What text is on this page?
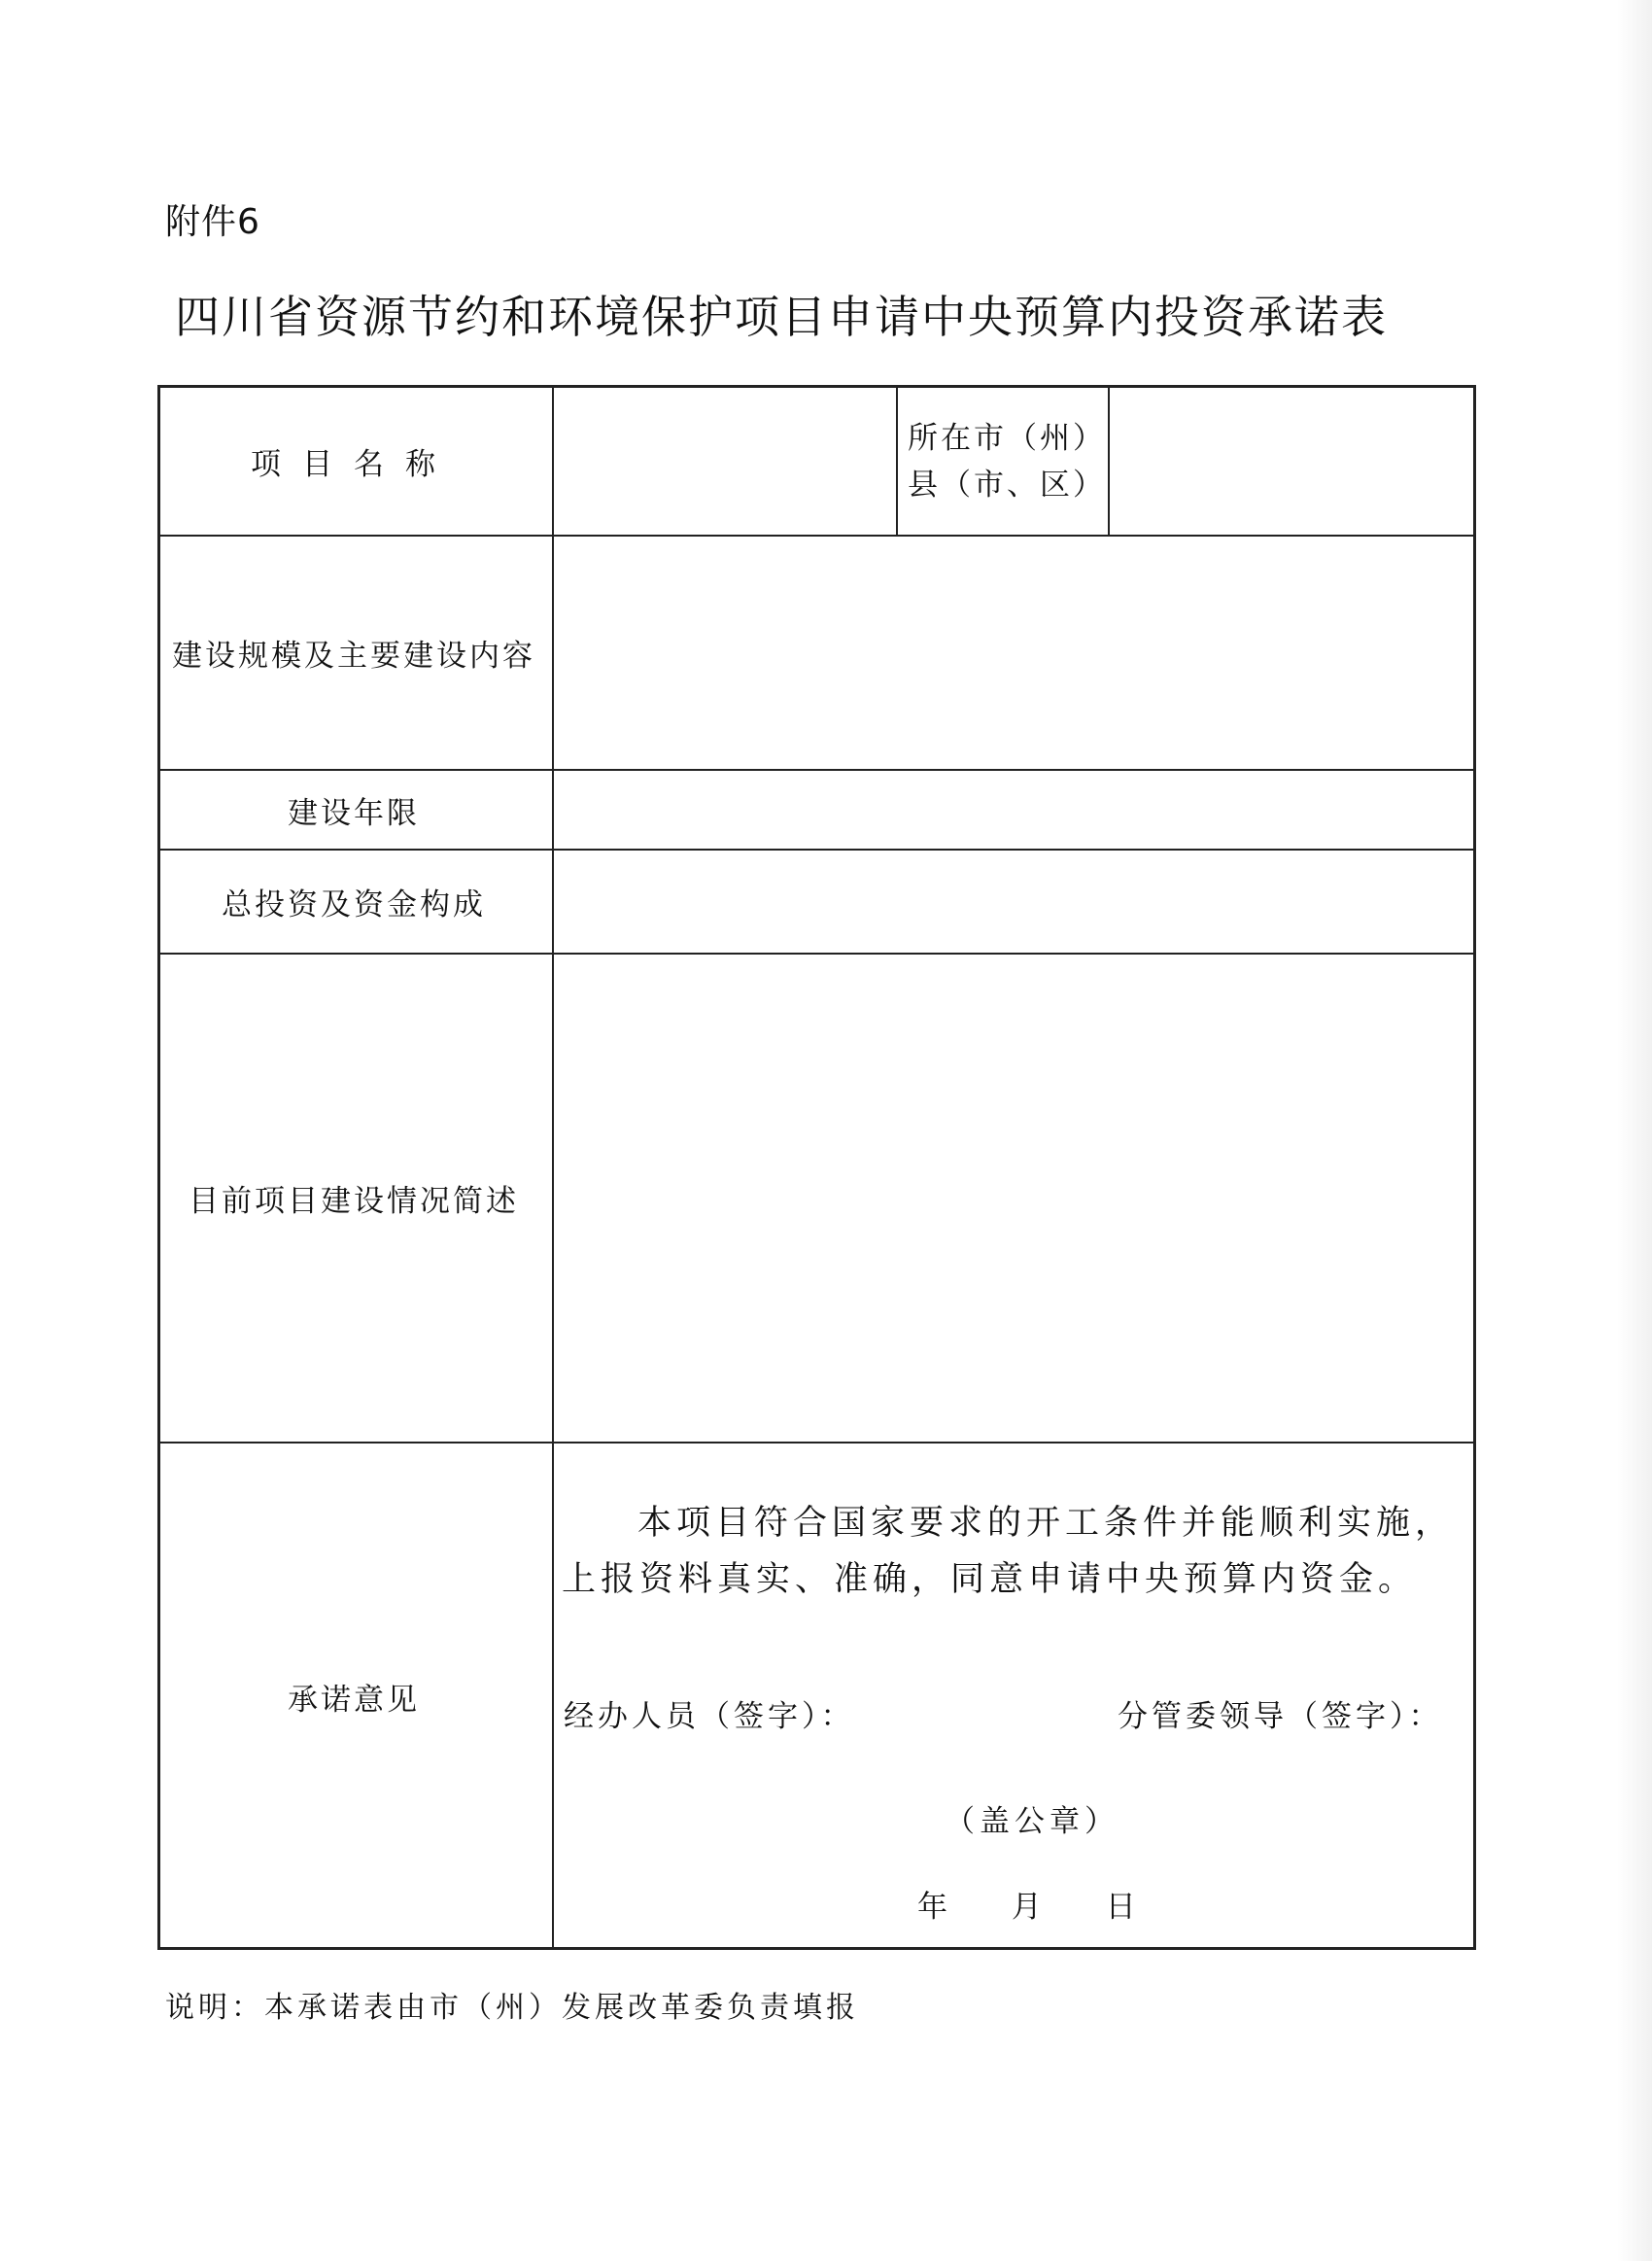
附件6
四川省资源节约和环境保护项目申请中央预算内投资承诺表
项目名称
所在市（州）
县（市、区）
建设规模及主要建设内容
建设年限
总投资及资金构成
目前项目建设情况简述
承诺意见
本项目符合国家要求的开工条件并能顺利实施，
上报资料真实、准确，同意申请中央预算内资金。
经办人员（签字）：	分管委领导（签字）：
（盖公章）
年 月 日
说明：本承诺表由市（州）发展改革委负责填报
